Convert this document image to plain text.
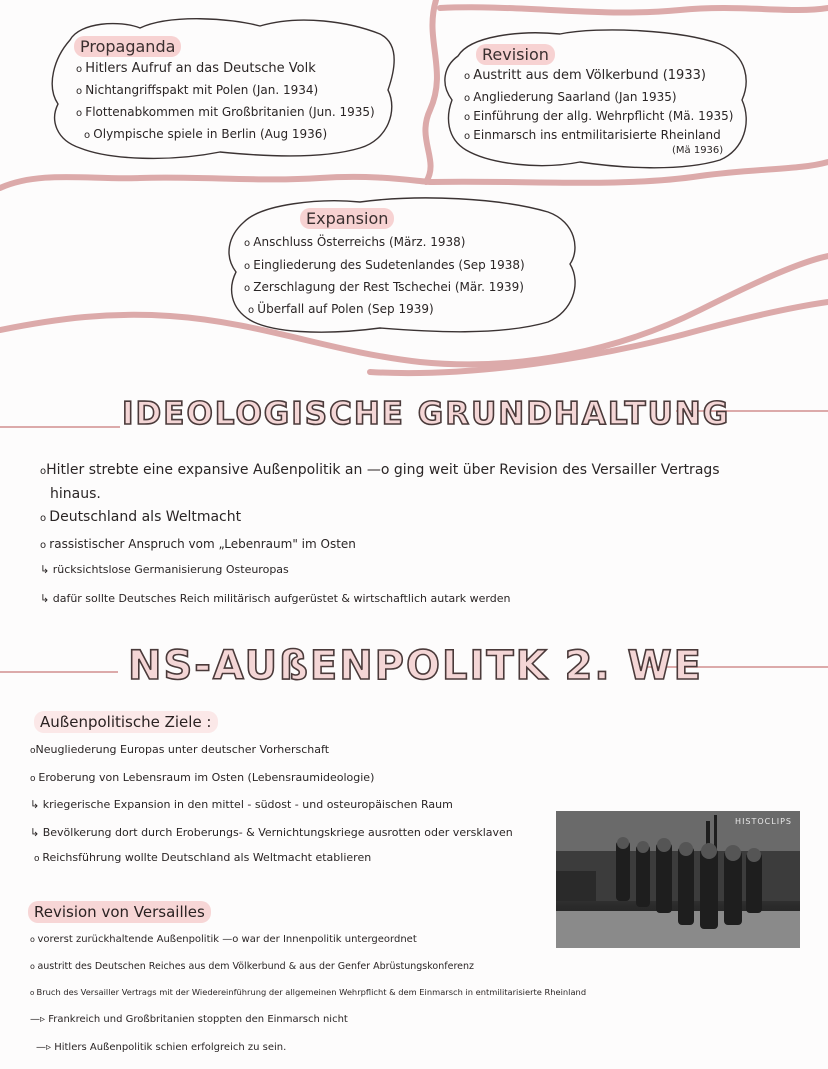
Propaganda
o Hitlers Aufruf an das Deutsche Volk
o Nichtangriffspakt mit Polen (Jan. 1934)
o Flottenabkommen mit Großbritanien (Jun. 1935)
o Olympische spiele in Berlin (Aug 1936)
Revision
o Austritt aus dem Völkerbund (1933)
o Angliederung Saarland (Jan 1935)
o Einführung der allg. Wehrpflicht (Mä. 1935)
o Einmarsch ins entmilitarisierte Rheinland
(Mä 1936)
Expansion
o Anschluss Österreichs (März. 1938)
o Eingliederung des Sudetenlandes (Sep 1938)
o Zerschlagung der Rest Tschechei (Mär. 1939)
o Überfall auf Polen (Sep 1939)
IDEOLOGISCHE GRUNDHALTUNG
oHitler strebte eine expansive Außenpolitik an —o ging weit über Revision des Versailler Vertrags
hinaus.
o Deutschland als Weltmacht
o rassistischer Anspruch vom „Lebenraum" im Osten
↳ rücksichtslose Germanisierung Osteuropas
↳ dafür sollte Deutsches Reich militärisch aufgerüstet & wirtschaftlich autark werden
NS-AUßENPOLITK 2. WE
Außenpolitische Ziele :
oNeugliederung Europas unter deutscher Vorherschaft
o Eroberung von Lebensraum im Osten (Lebensraumideologie)
↳ kriegerische Expansion in den mittel - südost - und osteuropäischen Raum
↳ Bevölkerung dort durch Eroberungs- & Vernichtungskriege ausrotten oder versklaven
o Reichsführung wollte Deutschland als Weltmacht etablieren
Revision von Versailles
o vorerst zurückhaltende Außenpolitik —o war der Innenpolitik untergeordnet
o austritt des Deutschen Reiches aus dem Völkerbund & aus der Genfer Abrüstungskonferenz
o Bruch des Versailler Vertrags mit der Wiedereinführung der allgemeinen Wehrpflicht & dem Einmarsch in entmilitarisierte Rheinland
—▹ Frankreich und Großbritanien stoppten den Einmarsch nicht
—▹ Hitlers Außenpolitik schien erfolgreich zu sein.
HISTOCLIPS
